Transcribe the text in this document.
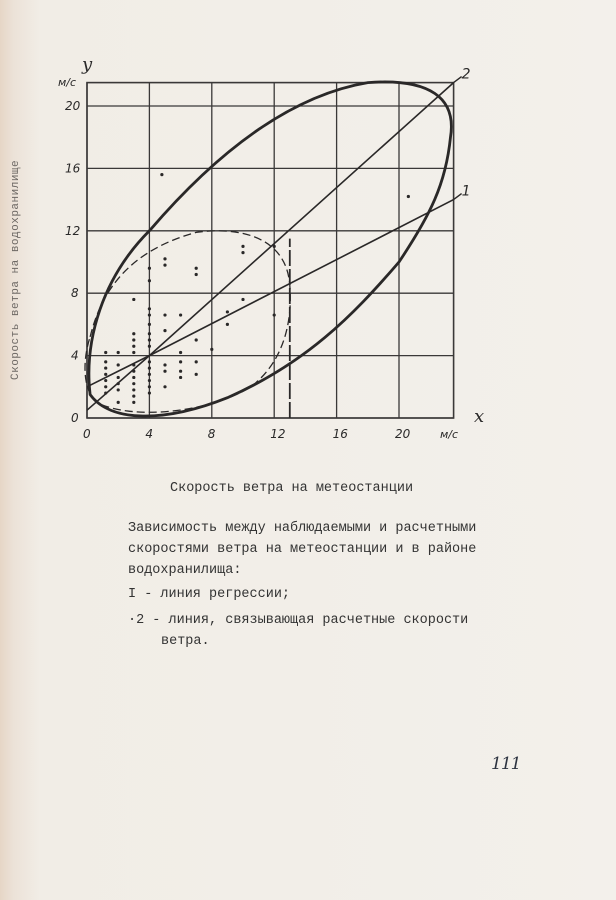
Скорость ветра на водохранилище
0	4	8	12	16	20
0
4
8
12
16
20
y
м/с
x
м/с
1
2
Скорость ветра на метеостанции

Зависимость между наблюдаемыми и расчетными

скоростями ветра на метеостанции и в районе

водохранилища:

I - линия регрессии;
·2 - линия, связывающая расчетные скорости
ветра.
111
